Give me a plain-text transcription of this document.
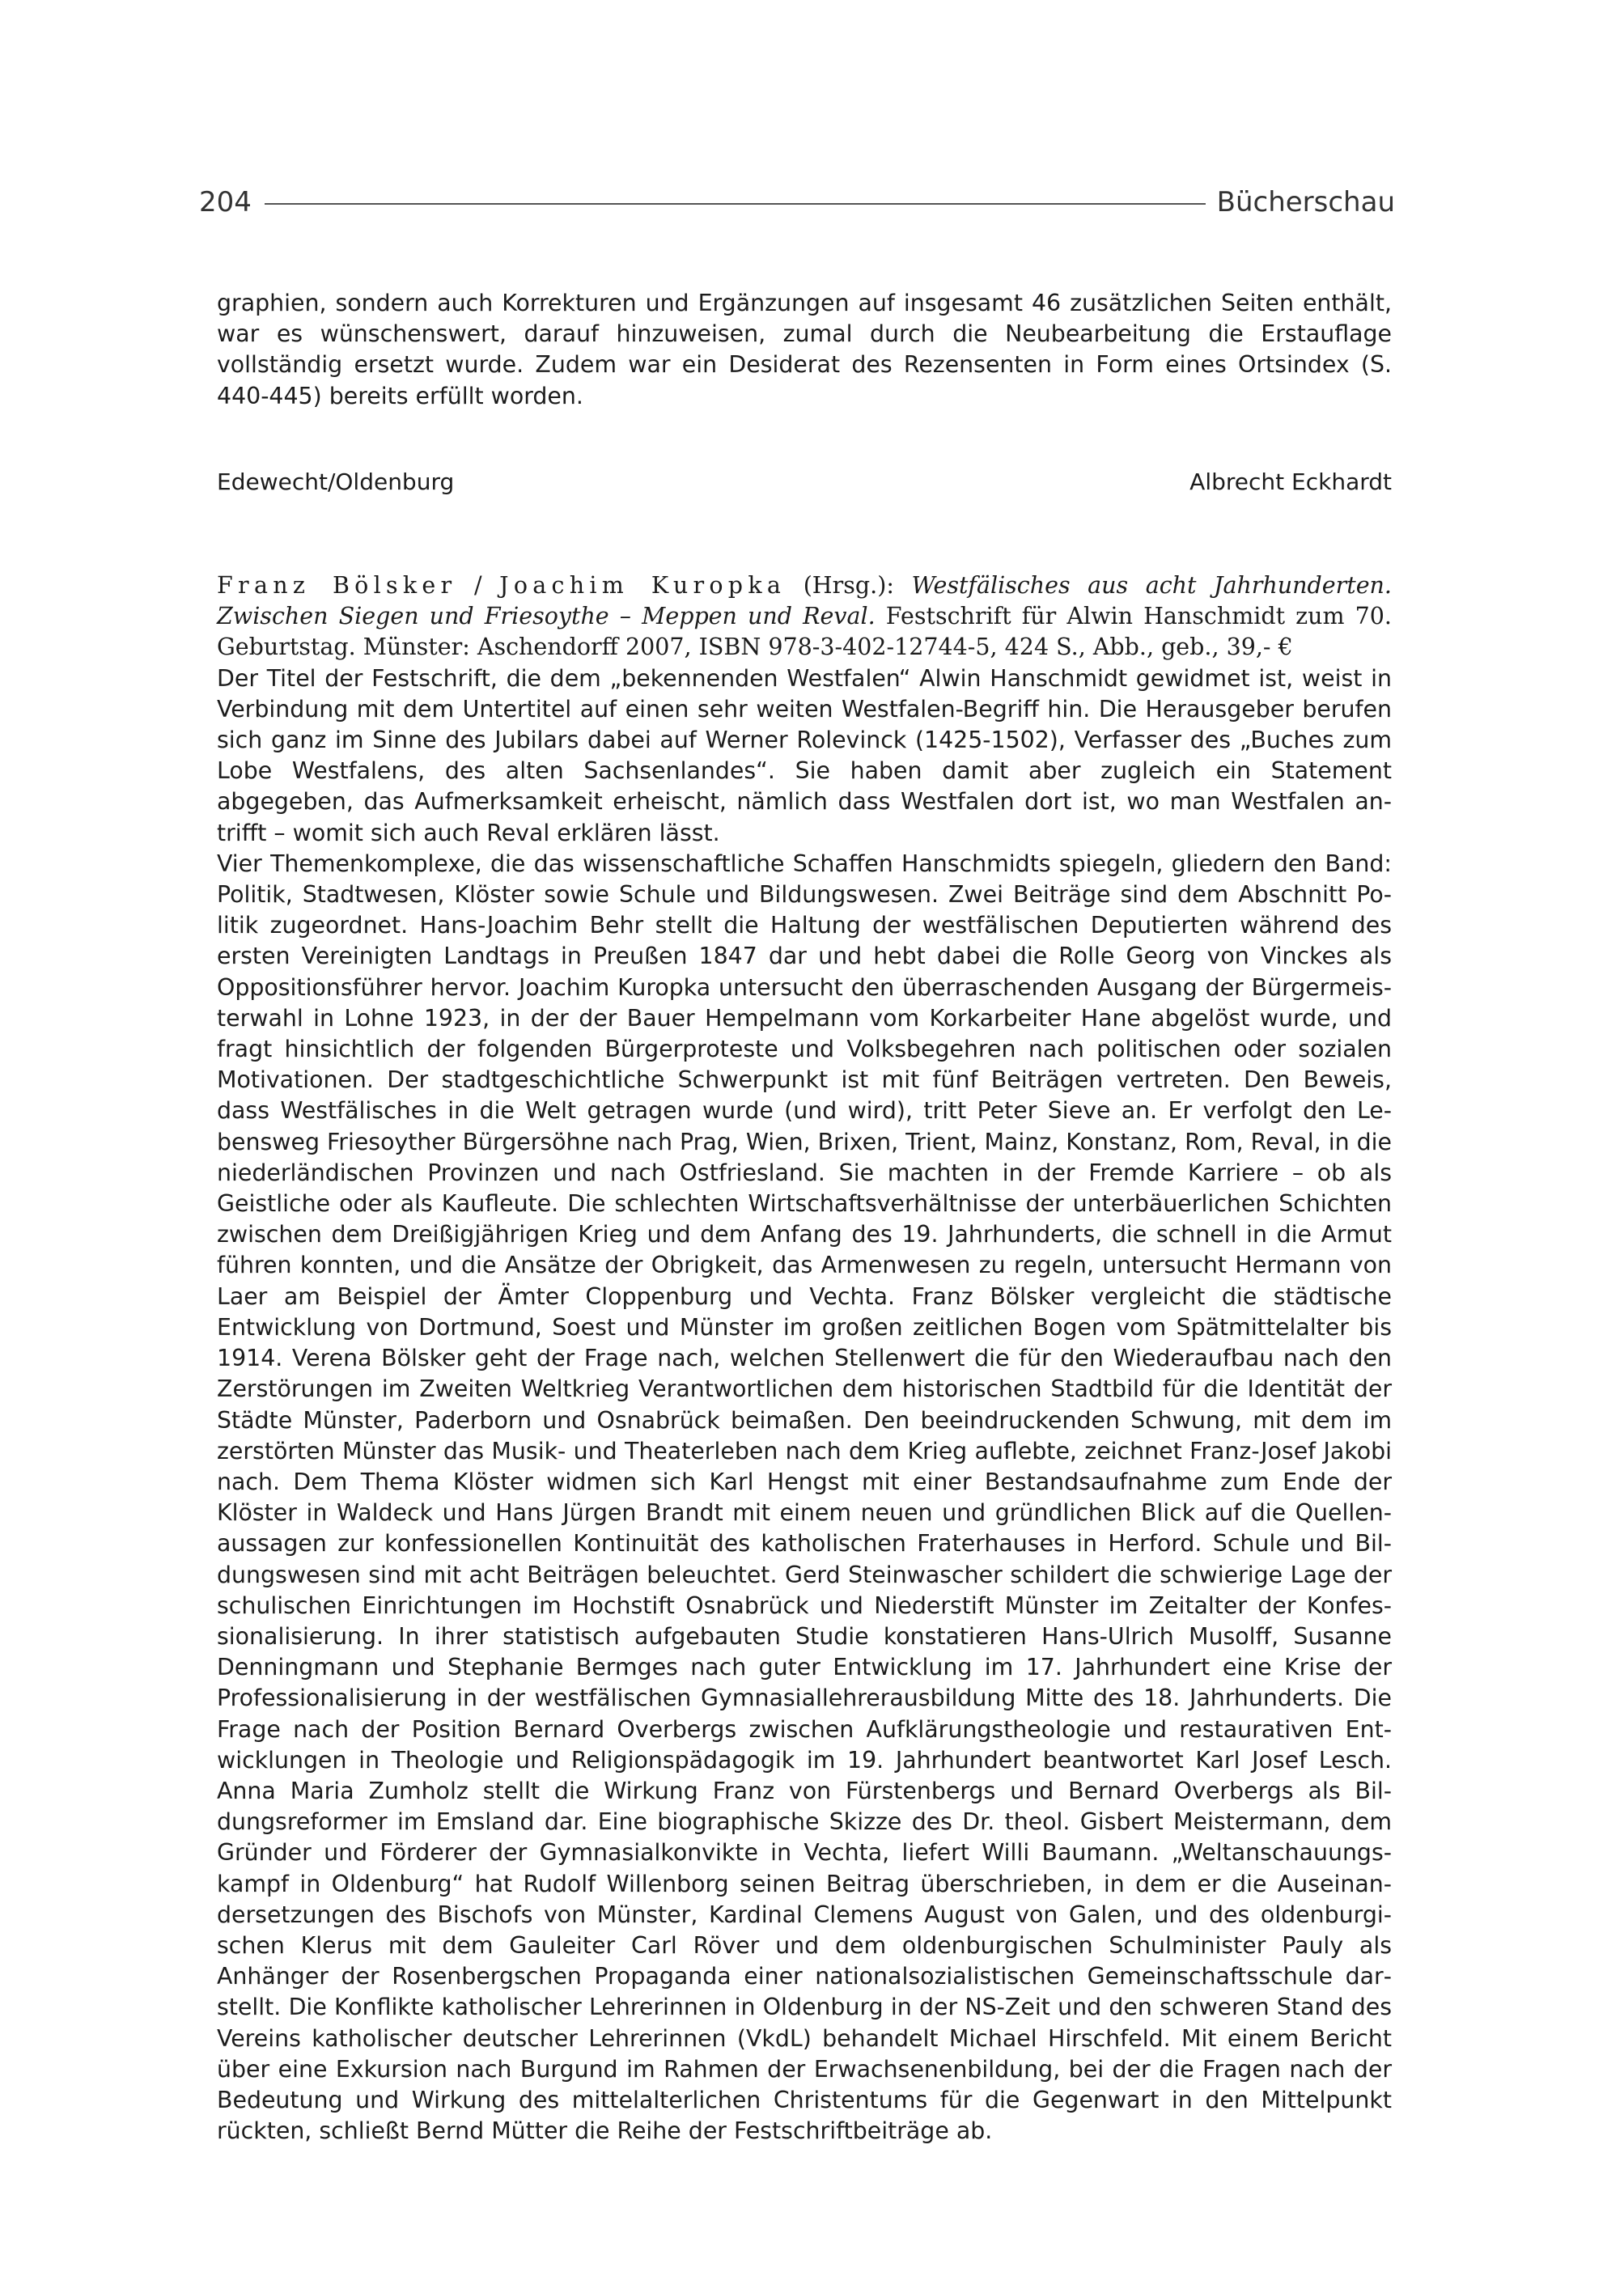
204	Bücherschau

graphien, sondern auch Korrekturen und Ergänzungen auf insgesamt 46 zusätzlichen Seiten enthält, war es wünschenswert, darauf hinzuweisen, zumal durch die Neubearbeitung die Erstauflage vollständig ersetzt wurde. Zudem war ein Desiderat des Rezensenten in Form eines Ortsindex (S. 440-445) bereits erfüllt worden.

Edewecht/Oldenburg	Albrecht Eckhardt

Franz Bölsker / Joachim Kuropka (Hrsg.): Westfälisches aus acht Jahrhunderten. Zwischen Siegen und Friesoythe – Meppen und Reval. Festschrift für Alwin Hanschmidt zum 70. Geburtstag. Münster: Aschendorff 2007, ISBN 978-3-402-12744-5, 424 S., Abb., geb., 39,- €

Der Titel der Festschrift, die dem „bekennenden Westfalen“ Alwin Hanschmidt gewidmet ist, weist in Verbindung mit dem Untertitel auf einen sehr weiten Westfalen-Begriff hin. Die Herausgeber berufen sich ganz im Sinne des Jubilars dabei auf Werner Rolevinck (1425-1502), Verfasser des „Buches zum Lobe Westfalens, des alten Sachsenlandes“. Sie haben damit aber zugleich ein Statement abgegeben, das Aufmerksamkeit erheischt, nämlich dass Westfalen dort ist, wo man Westfalen antrifft – womit sich auch Reval erklären lässt.

Vier Themenkomplexe, die das wissenschaftliche Schaffen Hanschmidts spiegeln, gliedern den Band: Politik, Stadtwesen, Klöster sowie Schule und Bildungswesen. Zwei Beiträge sind dem Abschnitt Politik zugeordnet. Hans-Joachim Behr stellt die Haltung der westfälischen Deputierten während des ersten Vereinigten Landtags in Preußen 1847 dar und hebt dabei die Rolle Georg von Vinckes als Oppositionsführer hervor. Joachim Kuropka untersucht den überraschenden Ausgang der Bürgermeisterwahl in Lohne 1923, in der der Bauer Hempelmann vom Korkarbeiter Hane abgelöst wurde, und fragt hinsichtlich der folgenden Bürgerproteste und Volksbegehren nach politischen oder sozialen Motivationen. Der stadtgeschichtliche Schwerpunkt ist mit fünf Beiträgen vertreten. Den Beweis, dass Westfälisches in die Welt getragen wurde (und wird), tritt Peter Sieve an. Er verfolgt den Lebensweg Friesoyther Bürgersöhne nach Prag, Wien, Brixen, Trient, Mainz, Konstanz, Rom, Reval, in die niederländischen Provinzen und nach Ostfriesland. Sie machten in der Fremde Karriere – ob als Geistliche oder als Kaufleute. Die schlechten Wirtschaftsverhältnisse der unterbäuerlichen Schichten zwischen dem Dreißigjährigen Krieg und dem Anfang des 19. Jahrhunderts, die schnell in die Armut führen konnten, und die Ansätze der Obrigkeit, das Armenwesen zu regeln, untersucht Hermann von Laer am Beispiel der Ämter Cloppenburg und Vechta. Franz Bölsker vergleicht die städtische Entwicklung von Dortmund, Soest und Münster im großen zeitlichen Bogen vom Spätmittelalter bis 1914. Verena Bölsker geht der Frage nach, welchen Stellenwert die für den Wiederaufbau nach den Zerstörungen im Zweiten Weltkrieg Verantwortlichen dem historischen Stadtbild für die Identität der Städte Münster, Paderborn und Osnabrück beimaßen. Den beeindruckenden Schwung, mit dem im zerstörten Münster das Musik- und Theaterleben nach dem Krieg auflebte, zeichnet Franz-Josef Jakobi nach. Dem Thema Klöster widmen sich Karl Hengst mit einer Bestandsaufnahme zum Ende der Klöster in Waldeck und Hans Jürgen Brandt mit einem neuen und gründlichen Blick auf die Quellenaussagen zur konfessionellen Kontinuität des katholischen Fraterhauses in Herford. Schule und Bildungswesen sind mit acht Beiträgen beleuchtet. Gerd Steinwascher schildert die schwierige Lage der schulischen Einrichtungen im Hochstift Osnabrück und Niederstift Münster im Zeitalter der Konfessionalisierung. In ihrer statistisch aufgebauten Studie konstatieren Hans-Ulrich Musolff, Susanne Denningmann und Stephanie Bermges nach guter Entwicklung im 17. Jahrhundert eine Krise der Professionalisierung in der westfälischen Gymnasiallehrerausbildung Mitte des 18. Jahrhunderts. Die Frage nach der Position Bernard Overbergs zwischen Aufklärungstheologie und restaurativen Entwicklungen in Theologie und Religionspädagogik im 19. Jahrhundert beantwortet Karl Josef Lesch. Anna Maria Zumholz stellt die Wirkung Franz von Fürstenbergs und Bernard Overbergs als Bildungsreformer im Emsland dar. Eine biographische Skizze des Dr. theol. Gisbert Meistermann, dem Gründer und Förderer der Gymnasialkonvikte in Vechta, liefert Willi Baumann. „Weltanschauungskampf in Oldenburg“ hat Rudolf Willenborg seinen Beitrag überschrieben, in dem er die Auseinandersetzungen des Bischofs von Münster, Kardinal Clemens August von Galen, und des oldenburgischen Klerus mit dem Gauleiter Carl Röver und dem oldenburgischen Schulminister Pauly als Anhänger der Rosenbergschen Propaganda einer nationalsozialistischen Gemeinschaftsschule darstellt. Die Konflikte katholischer Lehrerinnen in Oldenburg in der NS-Zeit und den schweren Stand des Vereins katholischer deutscher Lehrerinnen (VkdL) behandelt Michael Hirschfeld. Mit einem Bericht über eine Exkursion nach Burgund im Rahmen der Erwachsenenbildung, bei der die Fragen nach der Bedeutung und Wirkung des mittelalterlichen Christentums für die Gegenwart in den Mittelpunkt rückten, schließt Bernd Mütter die Reihe der Festschriftbeiträge ab.
